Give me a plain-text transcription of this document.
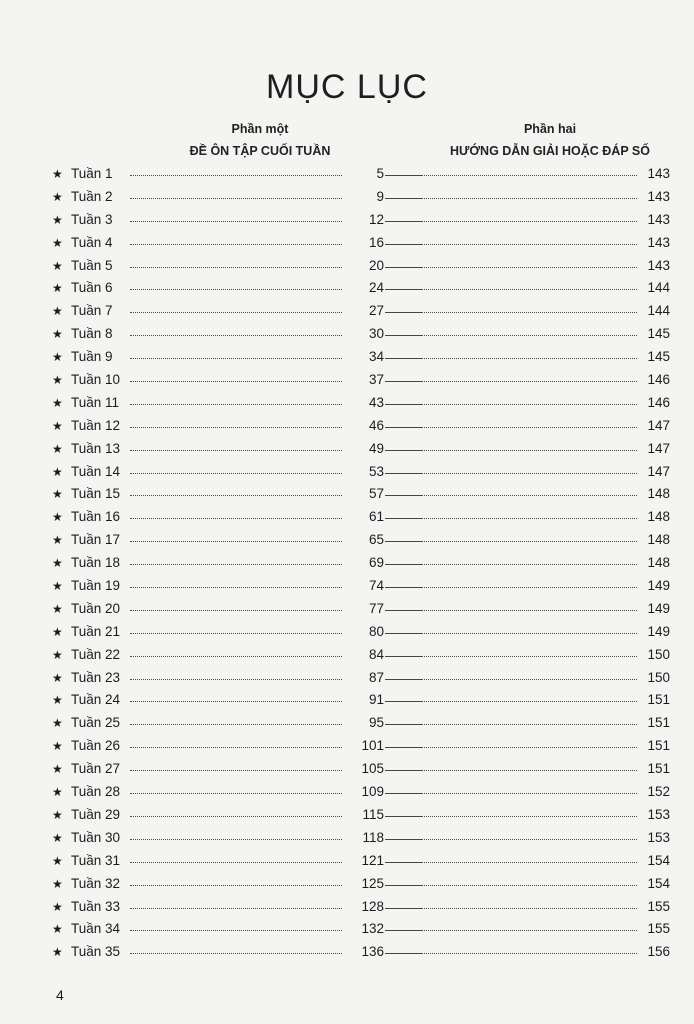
MỤC LỤC
Phần một
ĐỀ ÔN TẬP CUỐI TUẦN
Phần hai
HƯỚNG DẪN GIẢI HOẶC ĐÁP SỐ
★ Tuần 1	5	143
★ Tuần 2	9	143
★ Tuần 3	12	143
★ Tuần 4	16	143
★ Tuần 5	20	143
★ Tuần 6	24	144
★ Tuần 7	27	144
★ Tuần 8	30	145
★ Tuần 9	34	145
★ Tuần 10	37	146
★ Tuần 11	43	146
★ Tuần 12	46	147
★ Tuần 13	49	147
★ Tuần 14	53	147
★ Tuần 15	57	148
★ Tuần 16	61	148
★ Tuần 17	65	148
★ Tuần 18	69	148
★ Tuần 19	74	149
★ Tuần 20	77	149
★ Tuần 21	80	149
★ Tuần 22	84	150
★ Tuần 23	87	150
★ Tuần 24	91	151
★ Tuần 25	95	151
★ Tuần 26	101	151
★ Tuần 27	105	151
★ Tuần 28	109	152
★ Tuần 29	115	153
★ Tuần 30	118	153
★ Tuần 31	121	154
★ Tuần 32	125	154
★ Tuần 33	128	155
★ Tuần 34	132	155
★ Tuần 35	136	156
4
